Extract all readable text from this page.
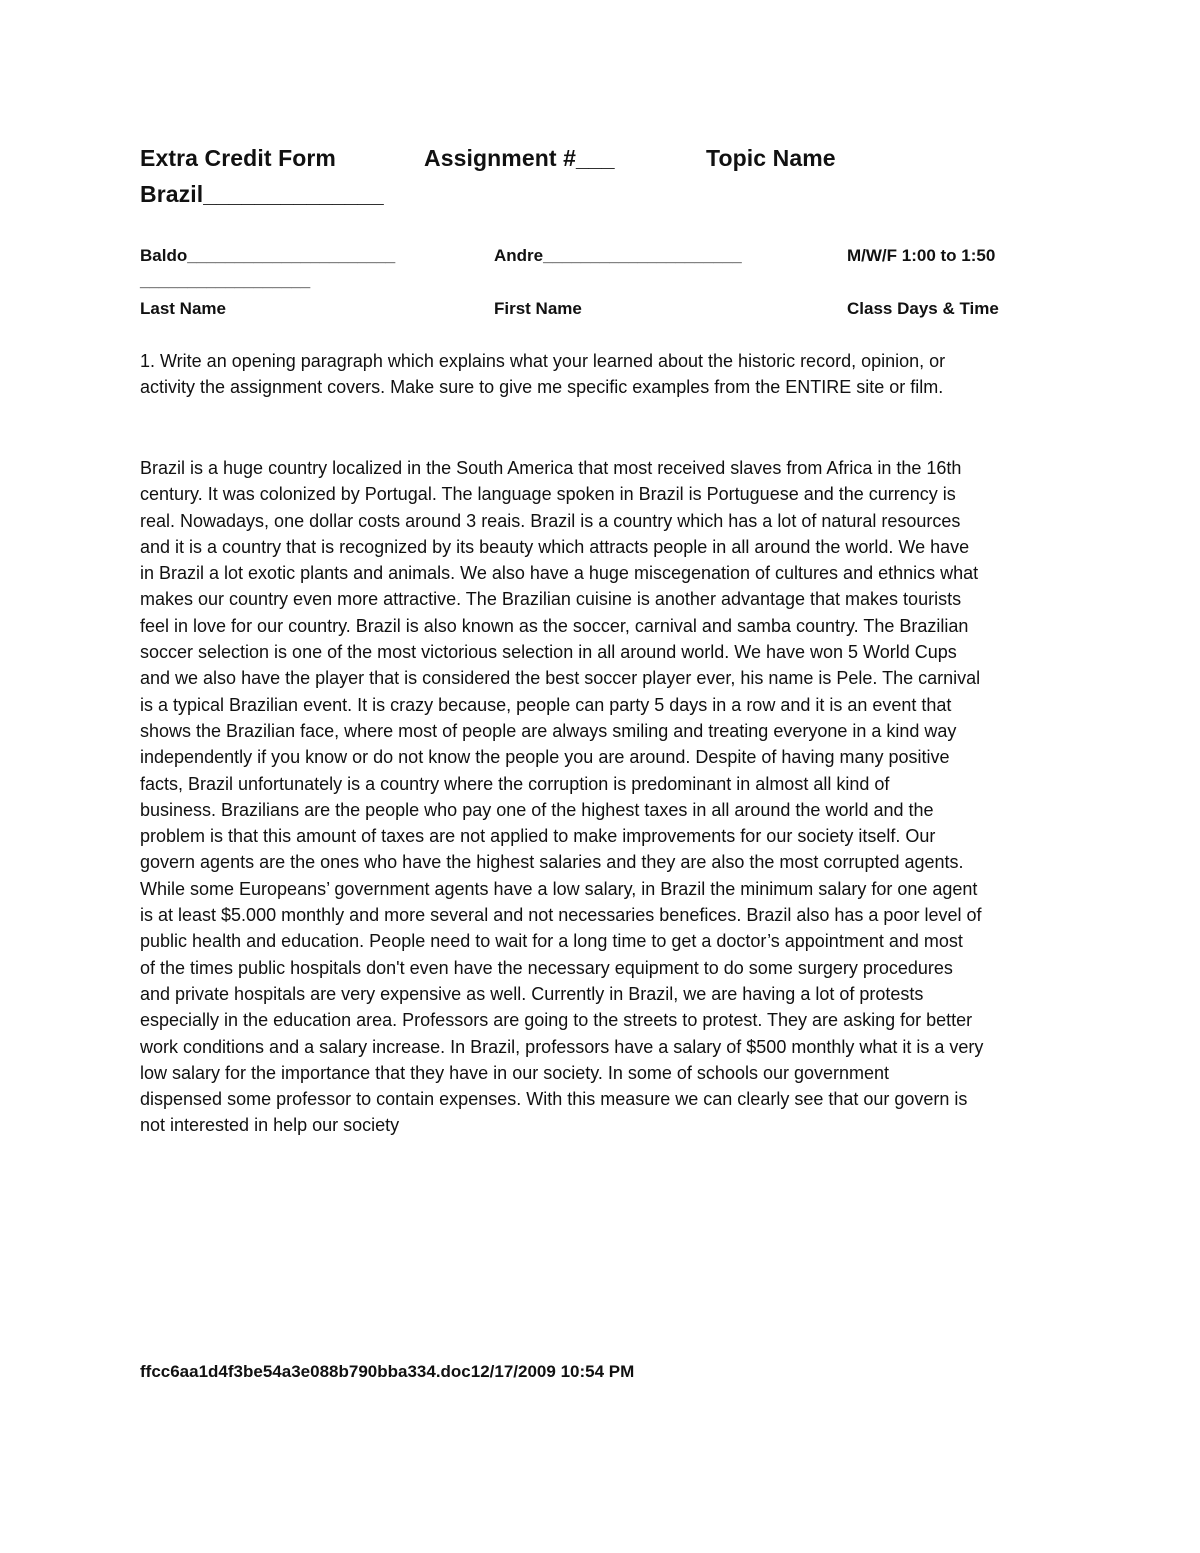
Extra Credit Form	Assignment #___	Topic Name
Brazil______________
Baldo______________________	Andre_____________________	M/W/F 1:00 to 1:50
__________________
Last Name	First Name	Class Days & Time
1. Write an opening paragraph which explains what your learned about the historic record, opinion, or
activity the assignment covers. Make sure to give me specific examples from the ENTIRE site or film.
Brazil is a huge country localized in the South America that most received slaves from Africa in the 16th
century. It was colonized by Portugal. The language spoken in Brazil is Portuguese and the currency is
real. Nowadays, one dollar costs around 3 reais. Brazil is a country which has a lot of natural resources
and it is a country that is recognized by its beauty which attracts people in all around the world. We have
in Brazil a lot exotic plants and animals. We also have a huge miscegenation of cultures and ethnics what
makes our country even more attractive. The Brazilian cuisine is another advantage that makes tourists
feel in love for our country. Brazil is also known as the soccer, carnival and samba country. The Brazilian
soccer selection is one of the most victorious selection in all around world. We have won 5 World Cups
and we also have the player that is considered the best soccer player ever, his name is Pele. The carnival
is a typical Brazilian event. It is crazy because, people can party 5 days in a row and it is an event that
shows the Brazilian face, where most of people are always smiling and treating everyone in a kind way
independently if you know or do not know the people you are around. Despite of having many positive
facts, Brazil unfortunately is a country where the corruption is predominant in almost all kind of
business. Brazilians are the people who pay one of the highest taxes in all around the world and the
problem is that this amount of taxes are not applied to make improvements for our society itself. Our
govern agents are the ones who have the highest salaries and they are also the most corrupted agents.
While some Europeans’ government agents have a low salary, in Brazil the minimum salary for one agent
is at least $5.000 monthly and more several and not necessaries benefices. Brazil also has a poor level of
public health and education. People need to wait for a long time to get a doctor’s appointment and most
of the times public hospitals don't even have the necessary equipment to do some surgery procedures
and private hospitals are very expensive as well. Currently in Brazil, we are having a lot of protests
especially in the education area. Professors are going to the streets to protest. They are asking for better
work conditions and a salary increase. In Brazil, professors have a salary of $500 monthly what it is a very
low salary for the importance that they have in our society. In some of schools our government
dispensed some professor to contain expenses. With this measure we can clearly see that our govern is
not interested in help our society
ffcc6aa1d4f3be54a3e088b790bba334.doc12/17/2009 10:54 PM
